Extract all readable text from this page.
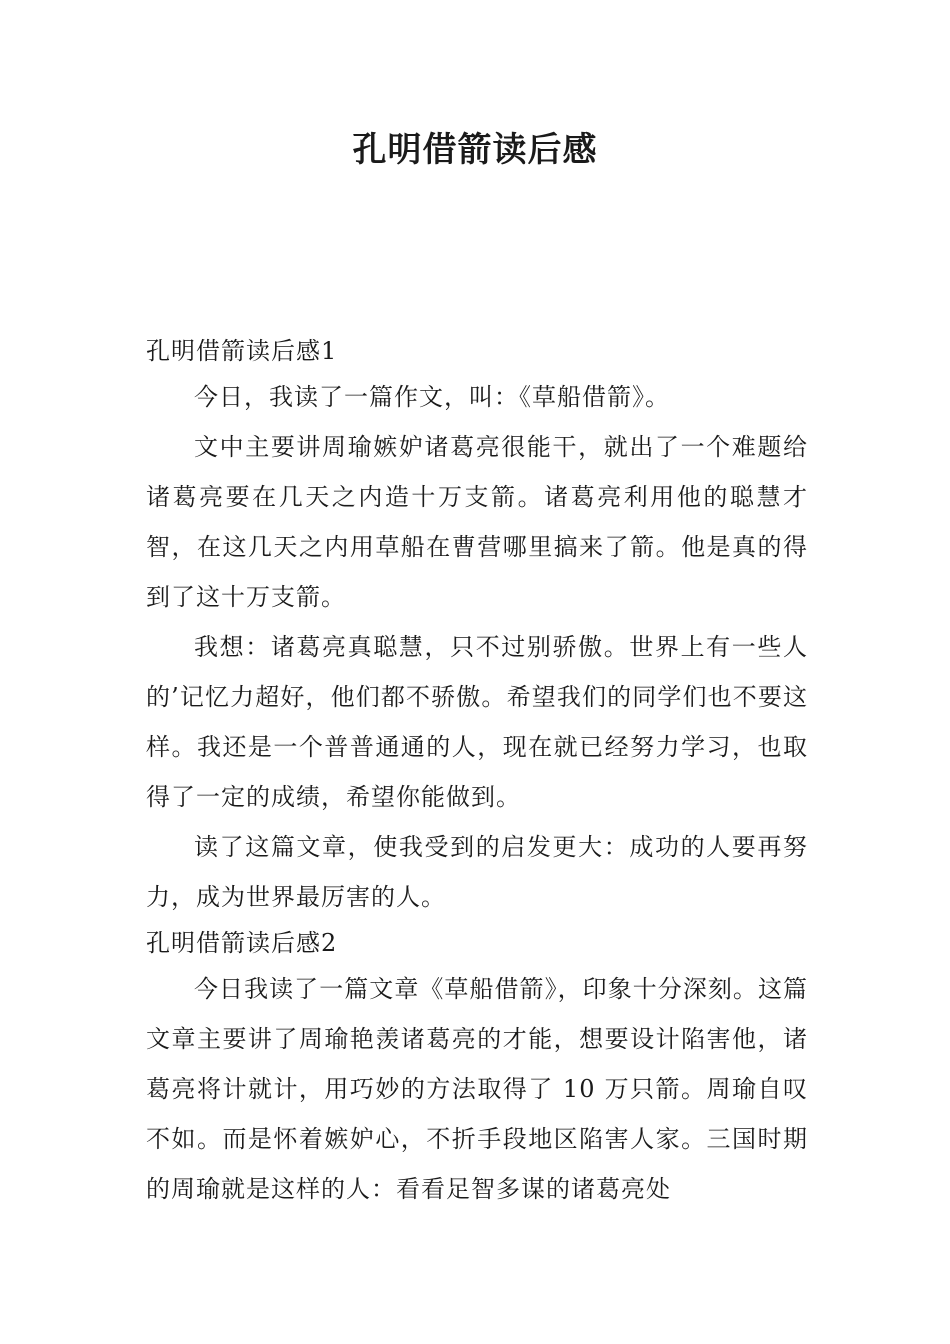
孔明借箭读后感
孔明借箭读后感1

今日，我读了一篇作文，叫：《草船借箭》。

文中主要讲周瑜嫉妒诸葛亮很能干，就出了一个难题给诸葛亮要在几天之内造十万支箭。诸葛亮利用他的聪慧才智，在这几天之内用草船在曹营哪里搞来了箭。他是真的得到了这十万支箭。

我想：诸葛亮真聪慧，只不过别骄傲。世界上有一些人的’记忆力超好，他们都不骄傲。希望我们的同学们也不要这样。我还是一个普普通通的人，现在就已经努力学习，也取得了一定的成绩，希望你能做到。

读了这篇文章，使我受到的启发更大：成功的人要再努力，成为世界最厉害的人。

孔明借箭读后感2

今日我读了一篇文章《草船借箭》，印象十分深刻。这篇文章主要讲了周瑜艳羡诸葛亮的才能，想要设计陷害他，诸葛亮将计就计，用巧妙的方法取得了 10 万只箭。周瑜自叹不如。而是怀着嫉妒心，不折手段地区陷害人家。三国时期的周瑜就是这样的人：看看足智多谋的诸葛亮处
